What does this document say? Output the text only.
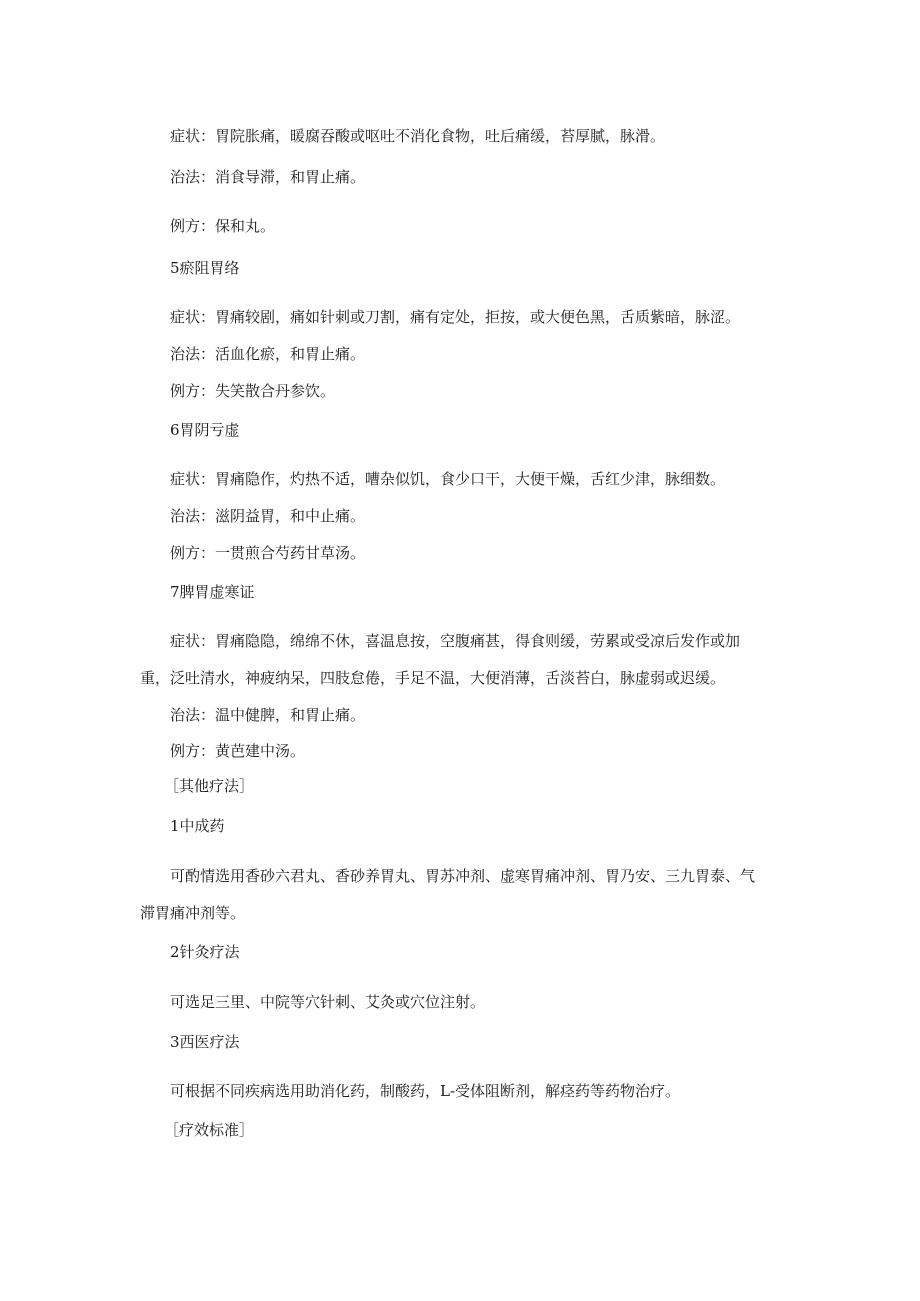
症状：胃院胀痛，暖腐吞酸或呕吐不消化食物，吐后痛缓，苔厚腻，脉滑。
治法：消食导滞，和胃止痛。
例方：保和丸。
5瘀阻胃络
症状：胃痛较剧，痛如针刺或刀割，痛有定处，拒按，或大便色黑，舌质紫暗，脉涩。
治法：活血化瘀，和胃止痛。
例方：失笑散合丹参饮。
6胃阴亏虚
症状：胃痛隐作，灼热不适，嘈杂似饥，食少口干，大便干燥，舌红少津，脉细数。
治法：滋阴益胃，和中止痛。
例方：一贯煎合芍药甘草汤。
7脾胃虚寒证
症状：胃痛隐隐，绵绵不休，喜温息按，空腹痛甚，得食则缓，劳累或受凉后发作或加
重，泛吐清水，神疲纳呆，四肢怠倦，手足不温，大便消薄，舌淡苔白，脉虚弱或迟缓。
治法：温中健脾，和胃止痛。
例方：黄芭建中汤。
［其他疗法］
1中成药
可酌情选用香砂六君丸、香砂养胃丸、胃苏冲剂、虚寒胃痛冲剂、胃乃安、三九胃泰、气
滞胃痛冲剂等。
2针灸疗法
可选足三里、中院等穴针刺、艾灸或穴位注射。
3西医疗法
可根据不同疾病选用助消化药，制酸药，L-受体阻断剂，解痉药等药物治疗。
［疗效标准］
